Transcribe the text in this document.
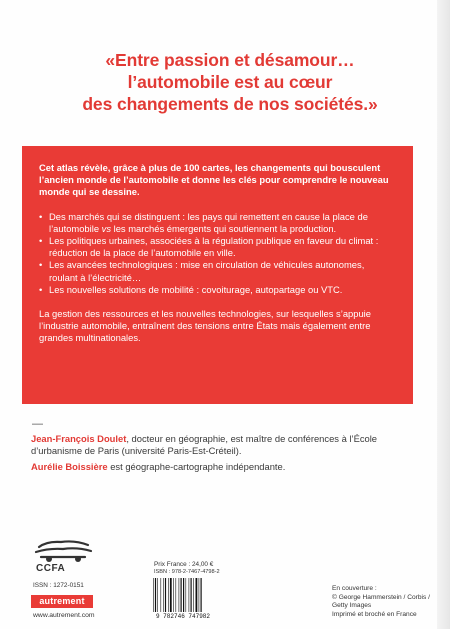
«Entre passion et désamour…
l’automobile est au cœur
des changements de nos sociétés.»

Cet atlas révèle, grâce à plus de 100 cartes, les changements qui bousculent l’ancien monde de l’automobile et donne les clés pour comprendre le nouveau monde qui se dessine.

• Des marchés qui se distinguent : les pays qui remettent en cause la place de l’automobile vs les marchés émergents qui soutiennent la production.
• Les politiques urbaines, associées à la régulation publique en faveur du climat : réduction de la place de l’automobile en ville.
• Les avancées technologiques : mise en circulation de véhicules autonomes, roulant à l’électricité…
• Les nouvelles solutions de mobilité : covoiturage, autopartage ou VTC.

La gestion des ressources et les nouvelles technologies, sur lesquelles s’appuie l’industrie automobile, entraînent des tensions entre États mais également entre grandes multinationales.

—

Jean-François Doulet, docteur en géographie, est maître de conférences à l’École d’urbanisme de Paris (université Paris-Est-Créteil).

Aurélie Boissière est géographe-cartographe indépendante.

CCFA
ISSN : 1272-0151
autrement
www.autrement.com
Prix France : 24,00 €
ISBN : 978-2-7467-4798-2
9 782746 747982
En couverture :
© George Hammerstein / Corbis / Getty Images
Imprimé et broché en France
